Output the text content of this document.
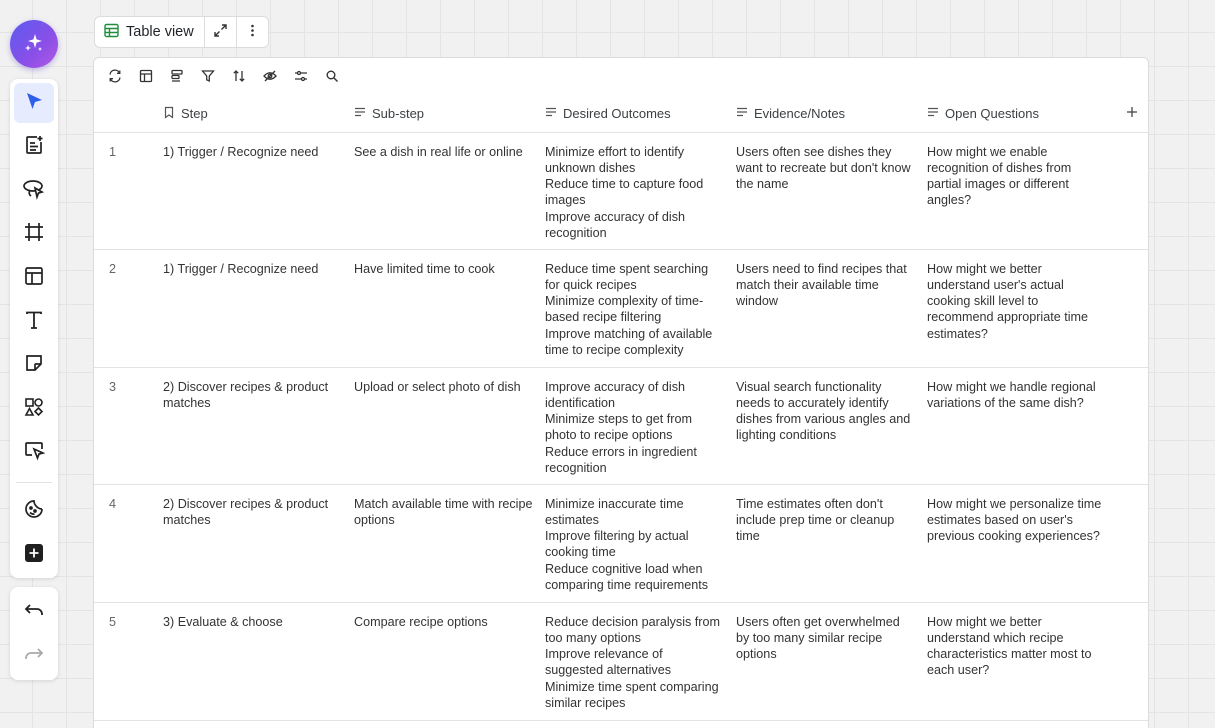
Table view

	Step	Sub-step	Desired Outcomes	Evidence/Notes	Open Questions

1	1) Trigger / Recognize need	See a dish in real life or online	Minimize effort to identify unknown dishes
Reduce time to capture food images
Improve accuracy of dish recognition	Users often see dishes they want to recreate but don't know the name	How might we enable recognition of dishes from partial images or different angles?	
2	1) Trigger / Recognize need	Have limited time to cook	Reduce time spent searching for quick recipes
Minimize complexity of time-based recipe filtering
Improve matching of available time to recipe complexity	Users need to find recipes that match their available time window	How might we better understand user's actual cooking skill level to recommend appropriate time estimates?	
3	2) Discover recipes & product matches	Upload or select photo of dish	Improve accuracy of dish identification
Minimize steps to get from photo to recipe options
Reduce errors in ingredient recognition	Visual search functionality needs to accurately identify dishes from various angles and lighting conditions	How might we handle regional variations of the same dish?	
4	2) Discover recipes & product matches	Match available time with recipe options	Minimize inaccurate time estimates
Improve filtering by actual cooking time
Reduce cognitive load when comparing time requirements	Time estimates often don't include prep time or cleanup time	How might we personalize time estimates based on user's previous cooking experiences?	
5	3) Evaluate & choose	Compare recipe options	Reduce decision paralysis from too many options
Improve relevance of suggested alternatives
Minimize time spent comparing similar recipes	Users often get overwhelmed by too many similar recipe options	How might we better understand which recipe characteristics matter most to each user?	
